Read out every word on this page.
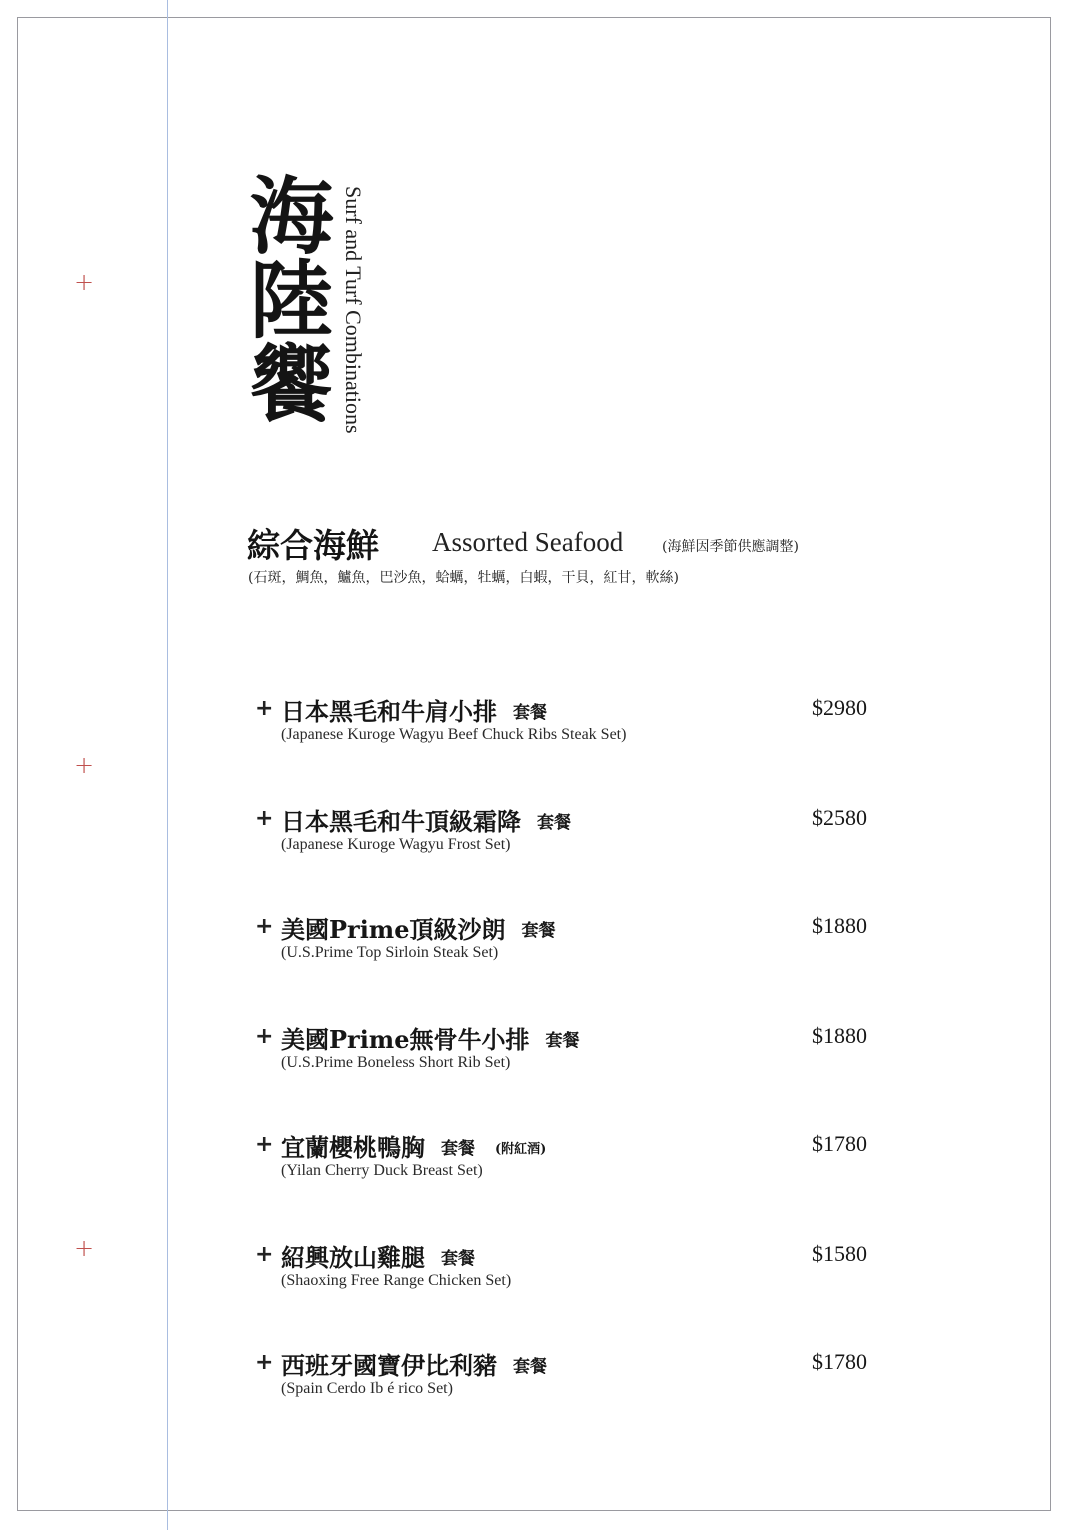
+
+
+
海陸饗 Surf and Turf Combinations
綜合海鮮 Assorted Seafood	(海鮮因季節供應調整)
(石斑，鯛魚，鱸魚，巴沙魚，蛤蠣，牡蠣，白蝦，干貝，紅甘，軟絲)
+ 日本黑毛和牛肩小排 套餐
(Japanese Kuroge Wagyu Beef Chuck Ribs Steak Set)
$2980
+ 日本黑毛和牛頂級霜降 套餐
(Japanese Kuroge Wagyu Frost Set)
$2580
+ 美國Prime頂級沙朗 套餐
(U.S.Prime Top Sirloin Steak Set)
$1880
+ 美國Prime無骨牛小排 套餐
(U.S.Prime Boneless Short Rib Set)
$1880
+ 宜蘭櫻桃鴨胸 套餐 (附紅酒)
(Yilan Cherry Duck Breast Set)
$1780
+ 紹興放山雞腿 套餐
(Shaoxing Free Range Chicken Set)
$1580
+ 西班牙國寶伊比利豬 套餐
(Spain Cerdo Ib é rico Set)
$1780
